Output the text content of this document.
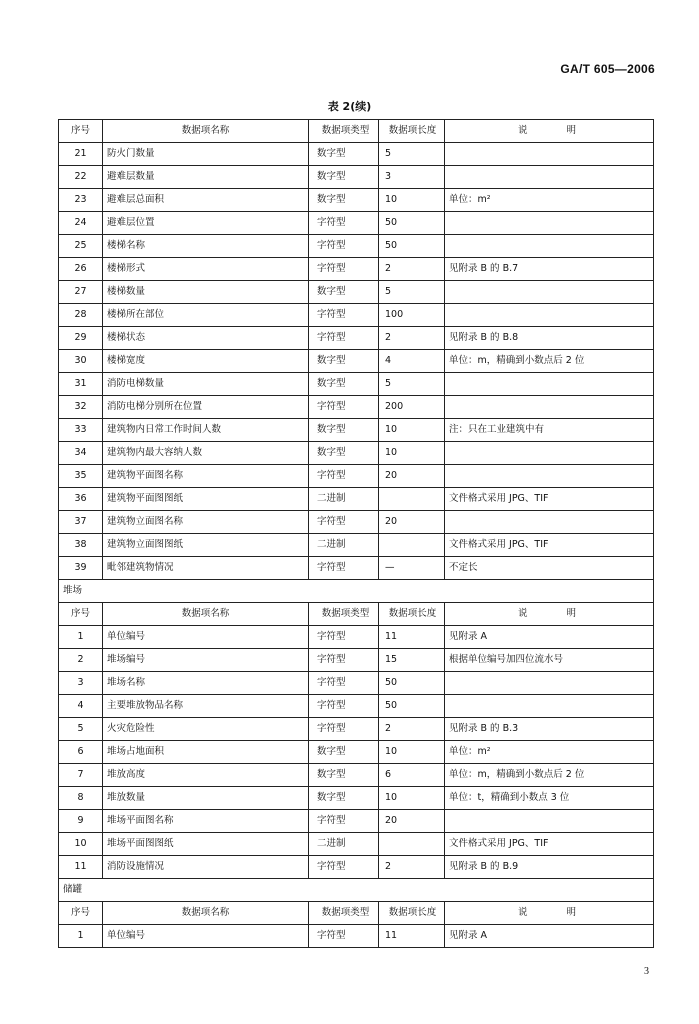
GA/T 605—2006
表 2(续)
序号	数据项名称	数据项类型	数据项长度	说 明
21	防火门数量	数字型	5	
22	避难层数量	数字型	3	
23	避难层总面积	数字型	10	单位：m²
24	避难层位置	字符型	50	
25	楼梯名称	字符型	50	
26	楼梯形式	字符型	2	见附录 B 的 B.7
27	楼梯数量	数字型	5	
28	楼梯所在部位	字符型	100	
29	楼梯状态	字符型	2	见附录 B 的 B.8
30	楼梯宽度	数字型	4	单位：m，精确到小数点后 2 位
31	消防电梯数量	数字型	5	
32	消防电梯分别所在位置	字符型	200	
33	建筑物内日常工作时间人数	数字型	10	注：只在工业建筑中有
34	建筑物内最大容纳人数	数字型	10	
35	建筑物平面图名称	字符型	20	
36	建筑物平面图图纸	二进制		文件格式采用 JPG、TIF
37	建筑物立面图名称	字符型	20	
38	建筑物立面图图纸	二进制		文件格式采用 JPG、TIF
39	毗邻建筑物情况	字符型	—	不定长
堆场				
序号	数据项名称	数据项类型	数据项长度	说 明
1	单位编号	字符型	11	见附录 A
2	堆场编号	字符型	15	根据单位编号加四位流水号
3	堆场名称	字符型	50	
4	主要堆放物品名称	字符型	50	
5	火灾危险性	字符型	2	见附录 B 的 B.3
6	堆场占地面积	数字型	10	单位：m²
7	堆放高度	数字型	6	单位：m，精确到小数点后 2 位
8	堆放数量	数字型	10	单位：t，精确到小数点 3 位
9	堆场平面图名称	字符型	20	
10	堆场平面图图纸	二进制		文件格式采用 JPG、TIF
11	消防设施情况	字符型	2	见附录 B 的 B.9
储罐				
序号	数据项名称	数据项类型	数据项长度	说 明
1	单位编号	字符型	11	见附录 A
3
